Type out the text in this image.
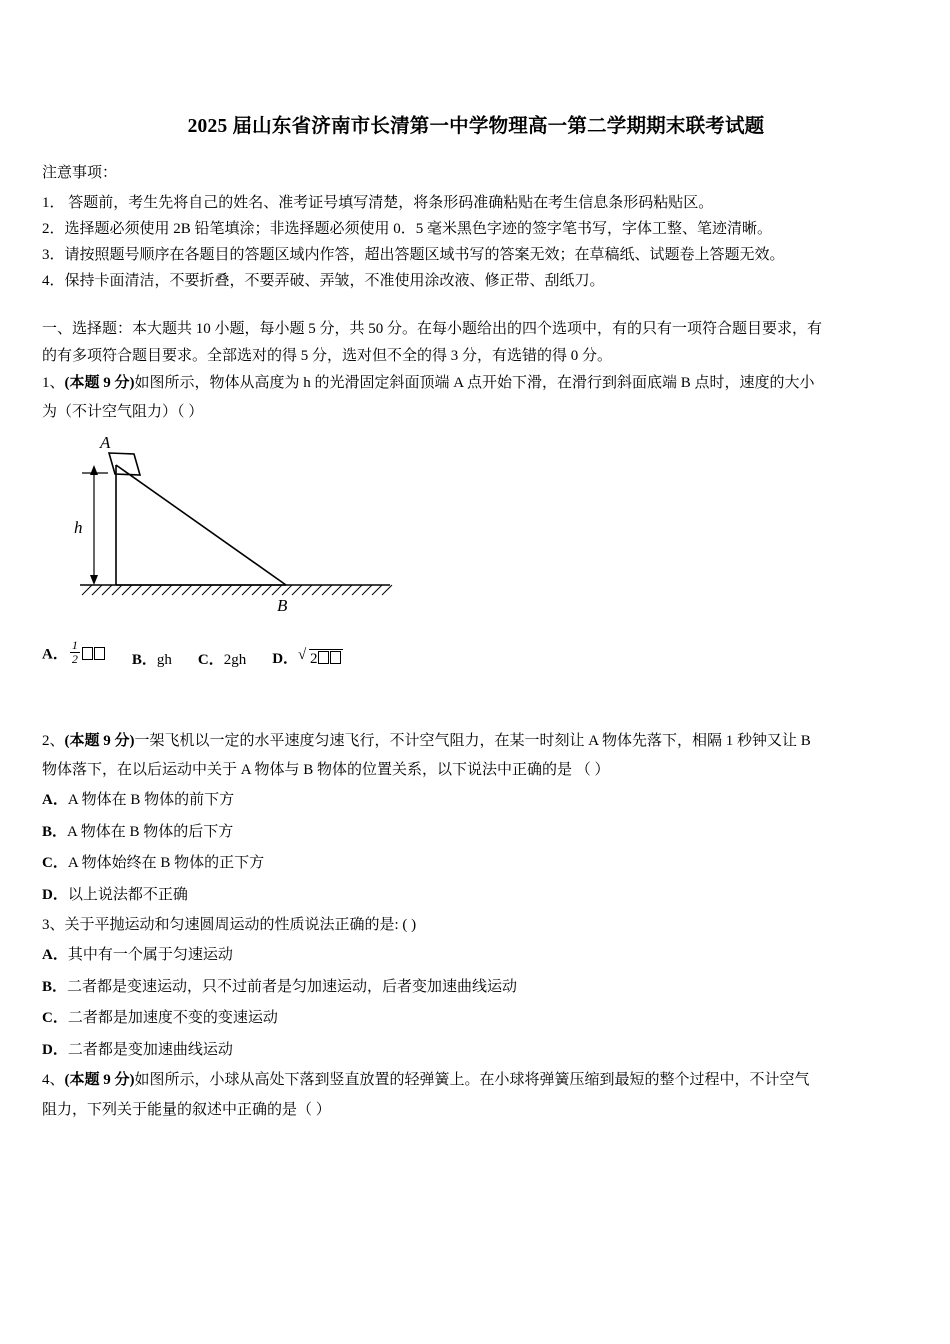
2025 届山东省济南市长清第一中学物理高一第二学期期末联考试题

注意事项：

1． 答题前，考生先将自己的姓名、准考证号填写清楚，将条形码准确粘贴在考生信息条形码粘贴区。

2．选择题必须使用 2B 铅笔填涂；非选择题必须使用 0．5 毫米黑色字迹的签字笔书写，字体工整、笔迹清晰。

3．请按照题号顺序在各题目的答题区域内作答，超出答题区域书写的答案无效；在草稿纸、试题卷上答题无效。

4．保持卡面清洁，不要折叠，不要弄破、弄皱，不准使用涂改液、修正带、刮纸刀。

一、选择题：本大题共 10 小题，每小题 5 分，共 50 分。在每小题给出的四个选项中，有的只有一项符合题目要求，有

的有多项符合题目要求。全部选对的得 5 分，选对但不全的得 3 分，有选错的得 0 分。

1、(本题 9 分)如图所示，物体从高度为 h 的光滑固定斜面顶端 A 点开始下滑，在滑行到斜面底端 B 点时，速度的大小

为（不计空气阻力）（ ）

A
B
h
A． $\frac{1}{2}$	B．gh C．2gh D． √ 2

2、(本题 9 分)一架飞机以一定的水平速度匀速飞行，不计空气阻力，在某一时刻让 A 物体先落下，相隔 1 秒钟又让 B

物体落下，在以后运动中关于 A 物体与 B 物体的位置关系，以下说法中正确的是 （ ）

A．A 物体在 B 物体的前下方

B．A 物体在 B 物体的后下方

C．A 物体始终在 B 物体的正下方

D．以上说法都不正确

3、关于平抛运动和匀速圆周运动的性质说法正确的是: ( )

A．其中有一个属于匀速运动

B．二者都是变速运动，只不过前者是匀加速运动，后者变加速曲线运动

C．二者都是加速度不变的变速运动

D．二者都是变加速曲线运动

4、(本题 9 分)如图所示，小球从高处下落到竖直放置的轻弹簧上。在小球将弹簧压缩到最短的整个过程中，不计空气

阻力，下列关于能量的叙述中正确的是（ ）
